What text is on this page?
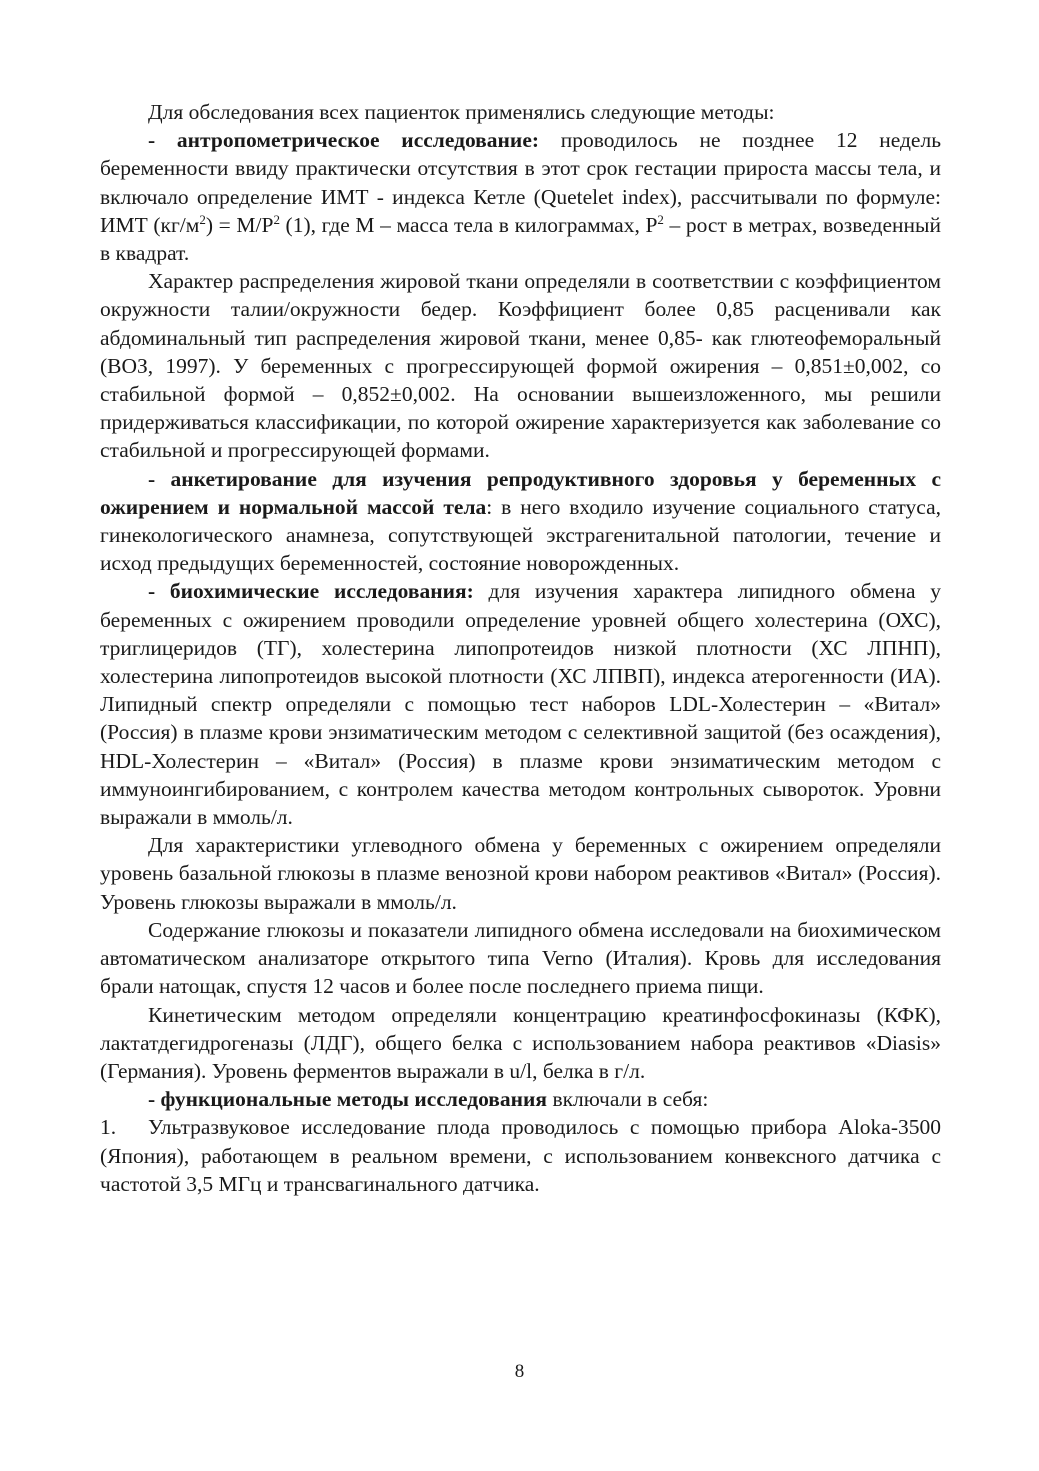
Для обследования всех пациенток применялись следующие методы:

- антропометрическое исследование: проводилось не позднее 12 недель беременности ввиду практически отсутствия в этот срок гестации прироста массы тела, и включало определение ИМТ - индекса Кетле (Quetelet index), рассчитывали по формуле: ИМТ $(кг/м^2) = М/Р^2$ (1), где М – масса тела в килограммах, $Р^2$ – рост в метрах, возведенный в квадрат.

Характер распределения жировой ткани определяли в соответствии с коэффициентом окружности талии/окружности бедер. Коэффициент более 0,85 расценивали как абдоминальный тип распределения жировой ткани, менее 0,85- как глютеофеморальный (ВОЗ, 1997). У беременных с прогрессирующей формой ожирения – 0,851±0,002, со стабильной формой – 0,852±0,002. На основании вышеизложенного, мы решили придерживаться классификации, по которой ожирение характеризуется как заболевание со стабильной и прогрессирующей формами.

- анкетирование для изучения репродуктивного здоровья у беременных с ожирением и нормальной массой тела: в него входило изучение социального статуса, гинекологического анамнеза, сопутствующей экстрагенитальной патологии, течение и исход предыдущих беременностей, состояние новорожденных.

- биохимические исследования: для изучения характера липидного обмена у беременных с ожирением проводили определение уровней общего холестерина (ОХС), триглицеридов (ТГ), холестерина липопротеидов низкой плотности (ХС ЛПНП), холестерина липопротеидов высокой плотности (ХС ЛПВП), индекса атерогенности (ИА). Липидный спектр определяли с помощью тест наборов LDL-Холестерин – «Витал» (Россия) в плазме крови энзиматическим методом с селективной защитой (без осаждения), HDL-Холестерин – «Витал» (Россия) в плазме крови энзиматическим методом с иммуноингибированием, с контролем качества методом контрольных сывороток. Уровни выражали в ммоль/л.

Для характеристики углеводного обмена у беременных с ожирением определяли уровень базальной глюкозы в плазме венозной крови набором реактивов «Витал» (Россия). Уровень глюкозы выражали в ммоль/л.

Содержание глюкозы и показатели липидного обмена исследовали на биохимическом автоматическом анализаторе открытого типа Verno (Италия). Кровь для исследования брали натощак, спустя 12 часов и более после последнего приема пищи.

Кинетическим методом определяли концентрацию креатинфосфокиназы (КФК), лактатдегидрогеназы (ЛДГ), общего белка с использованием набора реактивов «Diasis» (Германия). Уровень ферментов выражали в u/l, белка в г/л.

- функциональные методы исследования включали в себя:

1. Ультразвуковое исследование плода проводилось с помощью прибора Aloka-3500 (Япония), работающем в реальном времени, с использованием конвексного датчика с частотой 3,5 МГц и трансвагинального датчика.

8
